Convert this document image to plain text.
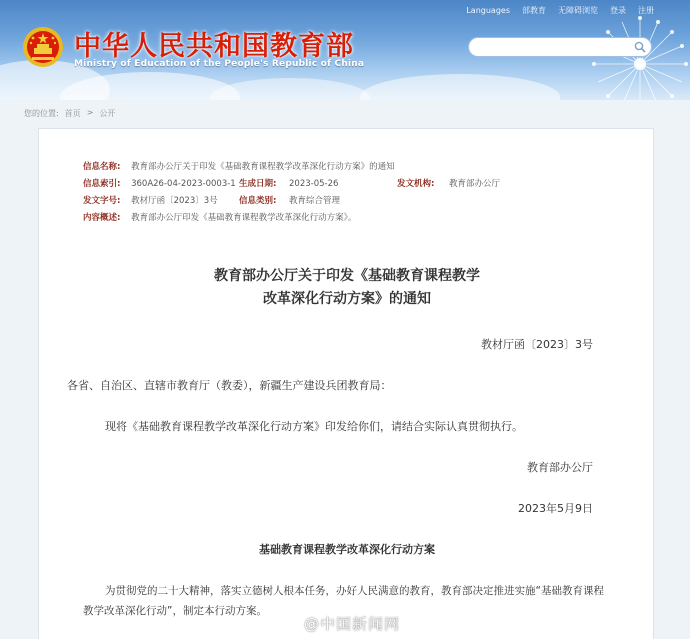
中华人民共和国教育部
Ministry of Education of the People's Republic of China
Languages 部教育 无障碍浏览 登录 注册
您的位置: 首页 > 公开
信息名称: 教育部办公厅关于印发《基础教育课程教学改革深化行动方案》的通知
信息索引: 360A26-04-2023-0003-1 生成日期: 2023-05-26	发文机构: 教育部办公厅
发文字号: 教材厅函〔2023〕3号	信息类别: 教育综合管理
内容概述: 教育部办公厅印发《基础教育课程教学改革深化行动方案》。
教育部办公厅关于印发《基础教育课程教学
改革深化行动方案》的通知
教材厅函〔2023〕3号
各省、自治区、直辖市教育厅（教委），新疆生产建设兵团教育局：
现将《基础教育课程教学改革深化行动方案》印发给你们，请结合实际认真贯彻执行。
教育部办公厅
2023年5月9日
基础教育课程教学改革深化行动方案
为贯彻党的二十大精神，落实立德树人根本任务，办好人民满意的教育，教育部决定推进实施“基础教育课程
教学改革深化行动”，制定本行动方案。
@中国新闻网
